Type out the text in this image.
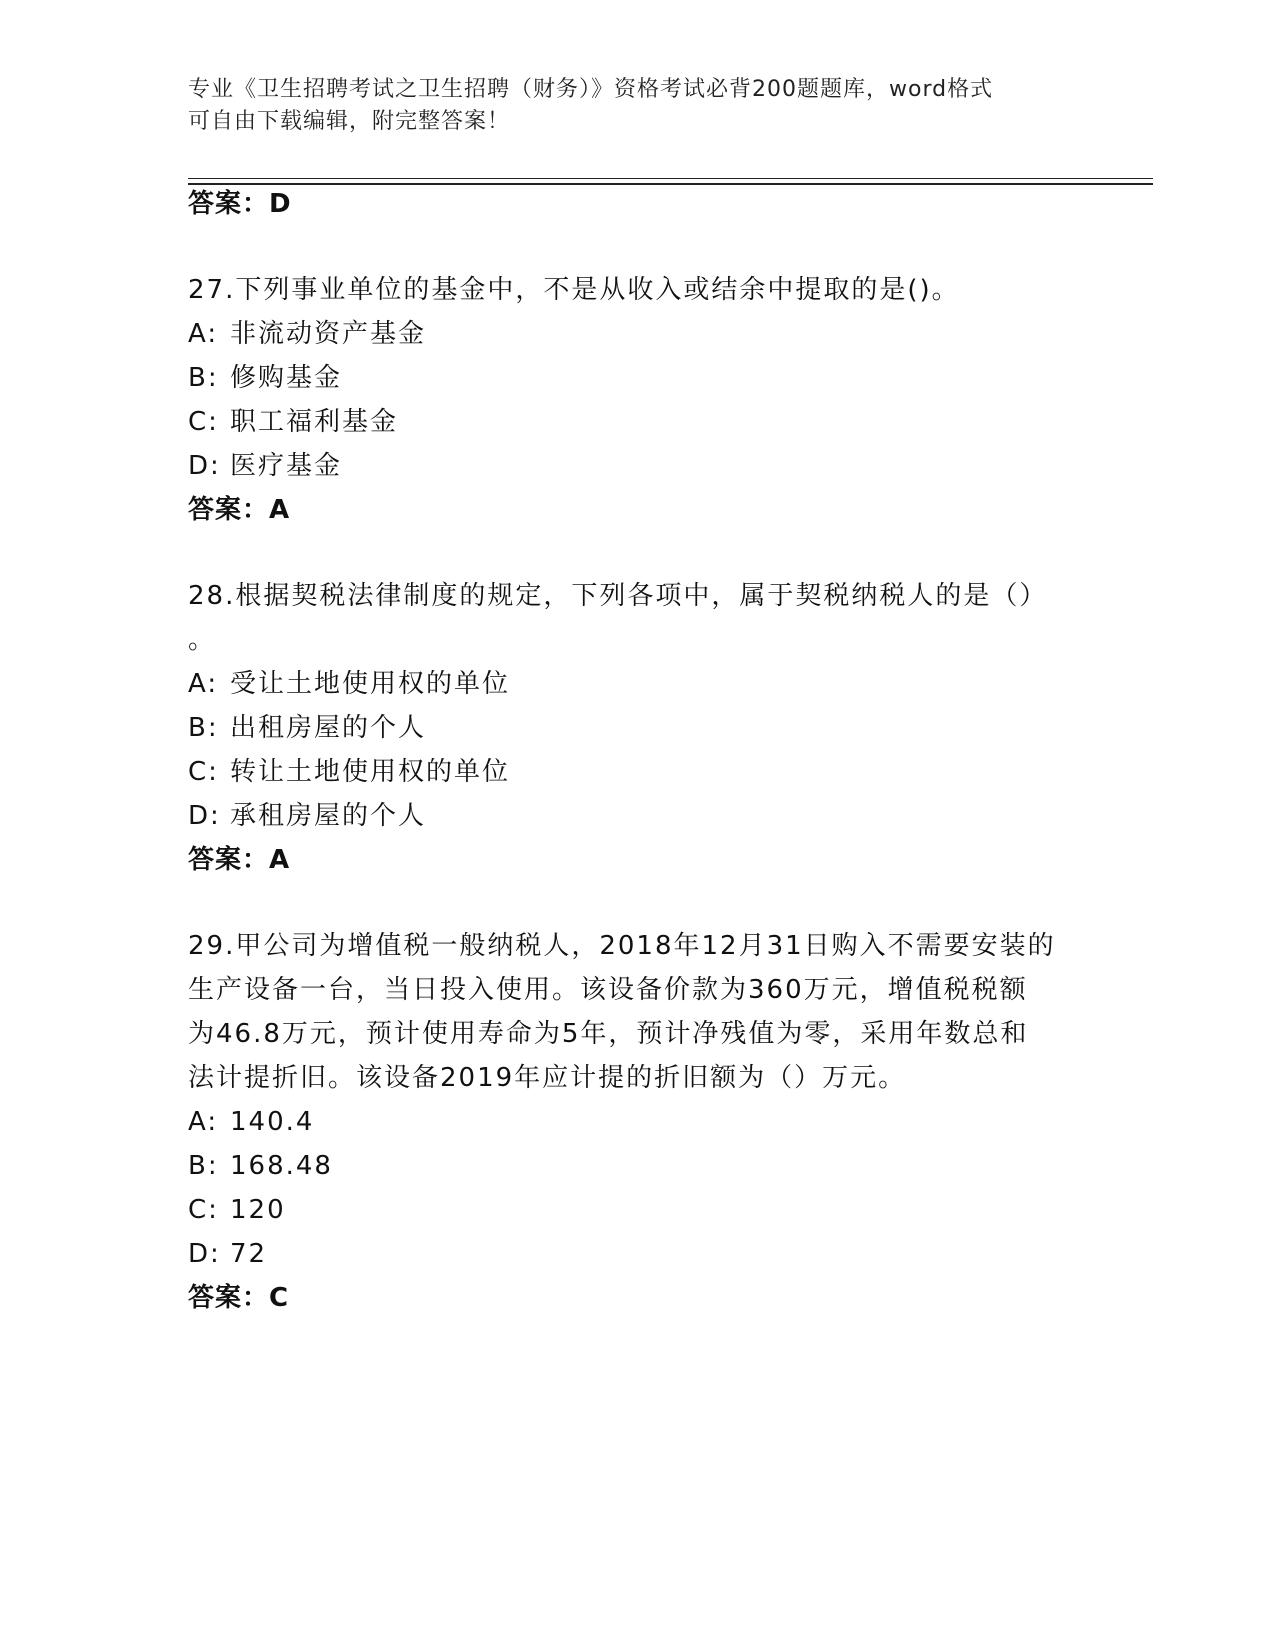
专业《卫生招聘考试之卫生招聘（财务）》资格考试必背200题题库，word格式
可自由下载编辑，附完整答案！
答案：D
27.下列事业单位的基金中，不是从收入或结余中提取的是()。
A: 非流动资产基金
B: 修购基金
C: 职工福利基金
D: 医疗基金
答案：A
28.根据契税法律制度的规定，下列各项中，属于契税纳税人的是（）
。
A: 受让土地使用权的单位
B: 出租房屋的个人
C: 转让土地使用权的单位
D: 承租房屋的个人
答案：A
29.甲公司为增值税一般纳税人，2018年12月31日购入不需要安装的
生产设备一台，当日投入使用。该设备价款为360万元，增值税税额
为46.8万元，预计使用寿命为5年，预计净残值为零，采用年数总和
法计提折旧。该设备2019年应计提的折旧额为（）万元。
A: 140.4
B: 168.48
C: 120
D: 72
答案：C
